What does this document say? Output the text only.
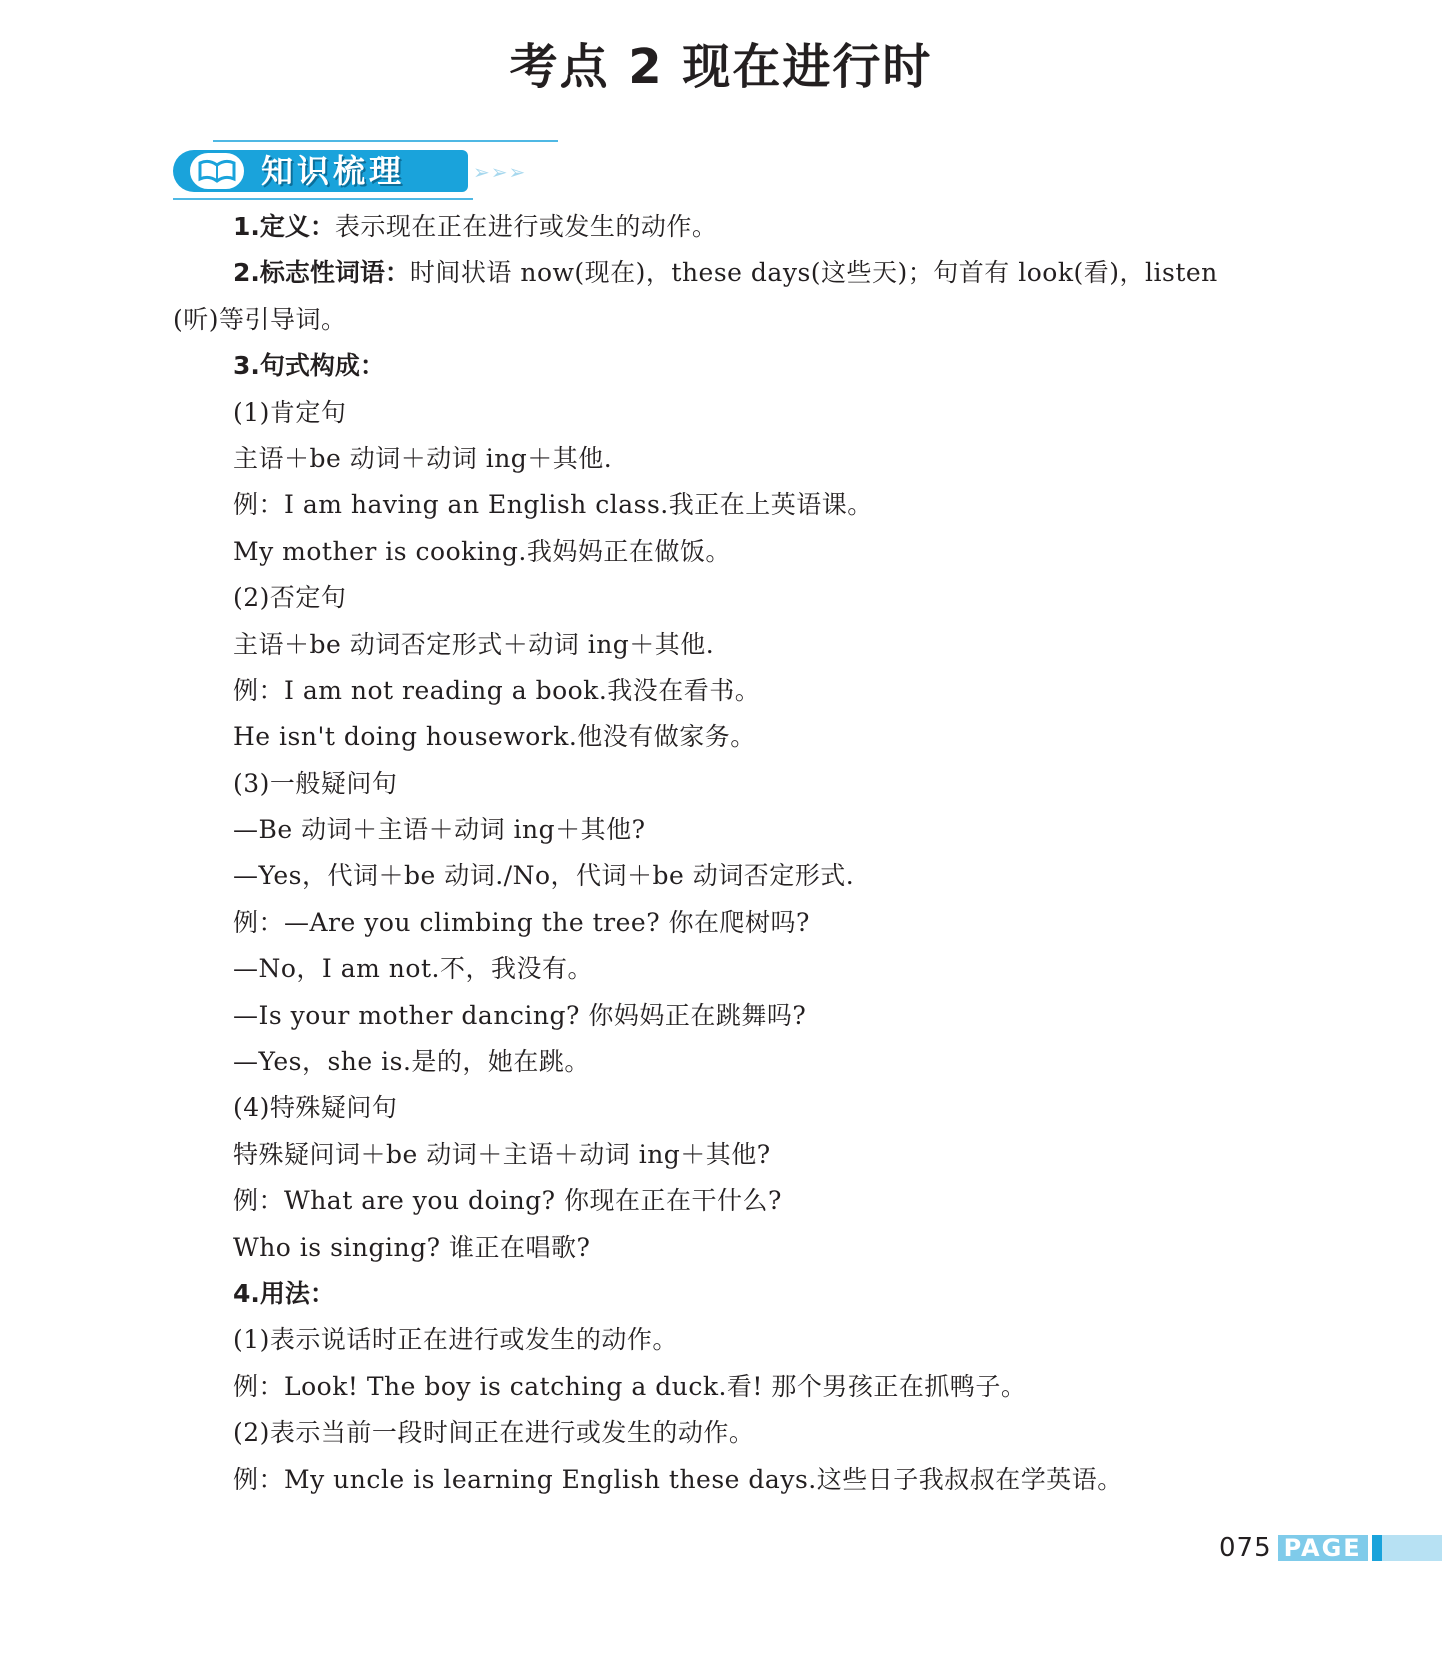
考点 2 现在进行时
知识梳理	➢➢➢
1.定义：表示现在正在进行或发生的动作。
2.标志性词语：时间状语 now(现在)，these days(这些天)；句首有 look(看)，listen
(听)等引导词。
3.句式构成：
(1)肯定句
主语＋be 动词＋动词 ing＋其他.
例：I am having an English class.我正在上英语课。
My mother is cooking.我妈妈正在做饭。
(2)否定句
主语＋be 动词否定形式＋动词 ing＋其他.
例：I am not reading a book.我没在看书。
He isn't doing housework.他没有做家务。
(3)一般疑问句
—Be 动词＋主语＋动词 ing＋其他?
—Yes，代词＋be 动词./No，代词＋be 动词否定形式.
例：—Are you climbing the tree? 你在爬树吗?
—No，I am not.不，我没有。
—Is your mother dancing? 你妈妈正在跳舞吗?
—Yes，she is.是的，她在跳。
(4)特殊疑问句
特殊疑问词＋be 动词＋主语＋动词 ing＋其他?
例：What are you doing? 你现在正在干什么?
Who is singing? 谁正在唱歌?
4.用法：
(1)表示说话时正在进行或发生的动作。
例：Look! The boy is catching a duck.看! 那个男孩正在抓鸭子。
(2)表示当前一段时间正在进行或发生的动作。
例：My uncle is learning English these days.这些日子我叔叔在学英语。
075 PAGE
